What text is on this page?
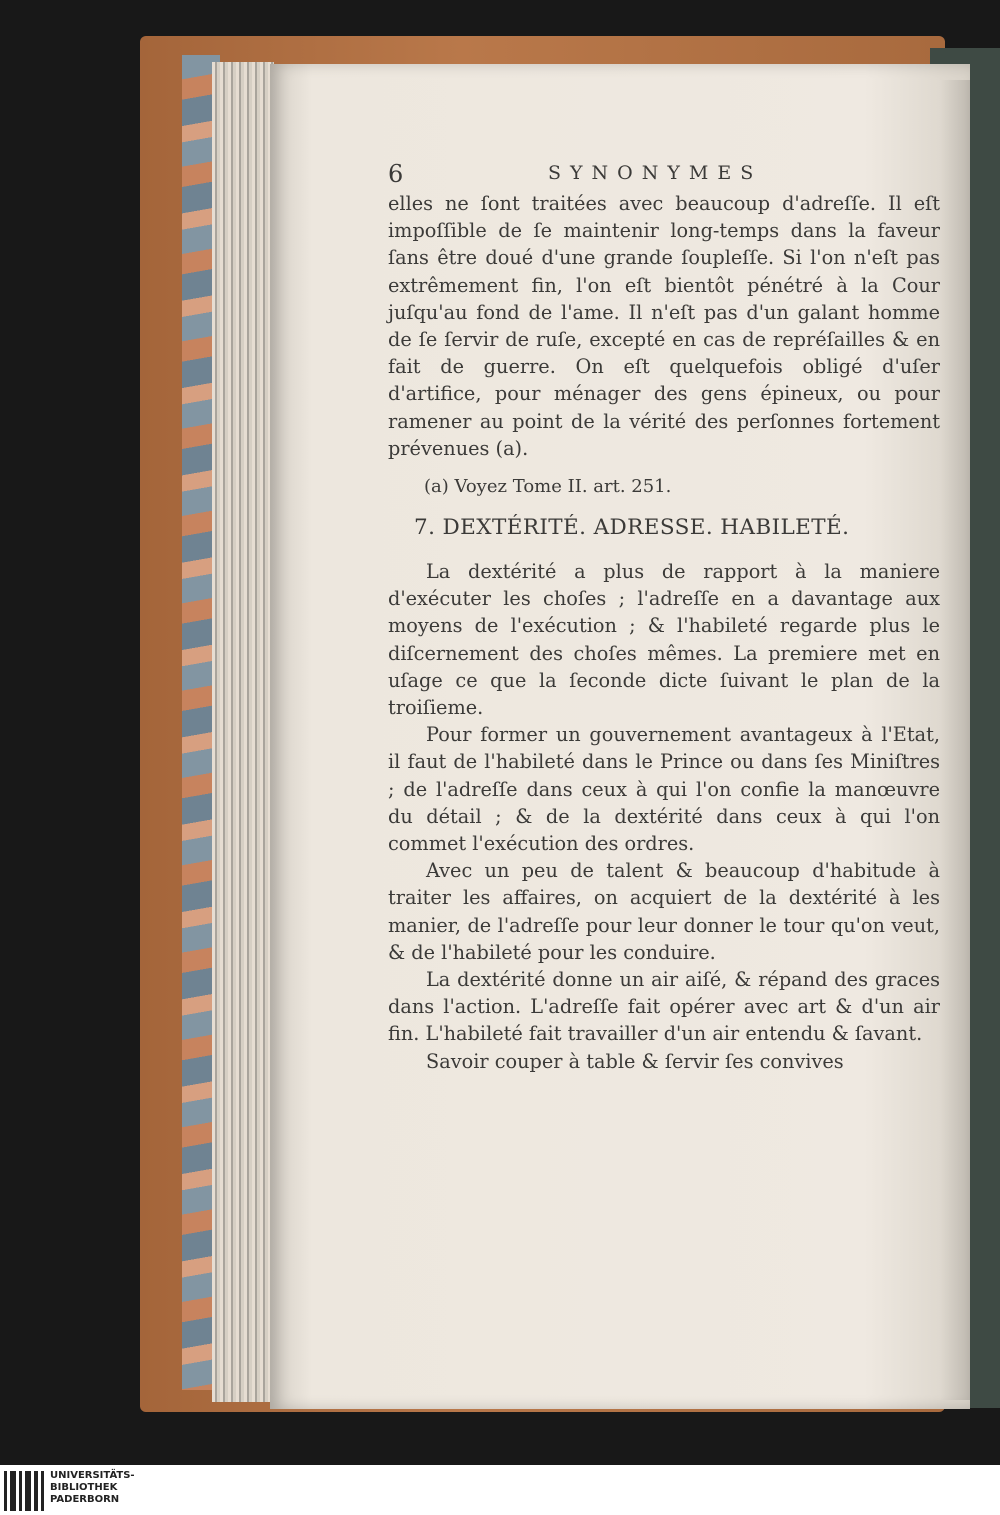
6	SYNONYMES

elles ne ſont traitées avec beaucoup d'adreſſe. Il eſt impoſſible de ſe maintenir long-temps dans la faveur ſans être doué d'une grande ſoupleſſe. Si l'on n'eſt pas extrêmement fin, l'on eſt bientôt pénétré à la Cour juſqu'au fond de l'ame. Il n'eſt pas d'un galant homme de ſe ſervir de ruſe, excepté en cas de repréſailles & en fait de guerre. On eſt quelquefois obligé d'uſer d'artifice, pour ménager des gens épineux, ou pour ramener au point de la vérité des perſonnes fortement prévenues (a).

(a) Voyez Tome II. art. 251.

7. DEXTÉRITÉ. ADRESSE. HABILETÉ.

La dextérité a plus de rapport à la maniere d'exécuter les choſes ; l'adreſſe en a davantage aux moyens de l'exécution ; & l'habileté regarde plus le diſcernement des choſes mêmes. La premiere met en uſage ce que la ſeconde dicte ſuivant le plan de la troiſieme.

Pour former un gouvernement avantageux à l'Etat, il faut de l'habileté dans le Prince ou dans ſes Miniſtres ; de l'adreſſe dans ceux à qui l'on confie la manœuvre du détail ; & de la dextérité dans ceux à qui l'on commet l'exécution des ordres.

Avec un peu de talent & beaucoup d'habitude à traiter les affaires, on acquiert de la dextérité à les manier, de l'adreſſe pour leur donner le tour qu'on veut, & de l'habileté pour les conduire.

La dextérité donne un air aiſé, & répand des graces dans l'action. L'adreſſe fait opérer avec art & d'un air fin. L'habileté fait travailler d'un air entendu & ſavant.

Savoir couper à table & ſervir ſes convives

UNIVERSITÄTS-
BIBLIOTHEK
PADERBORN
